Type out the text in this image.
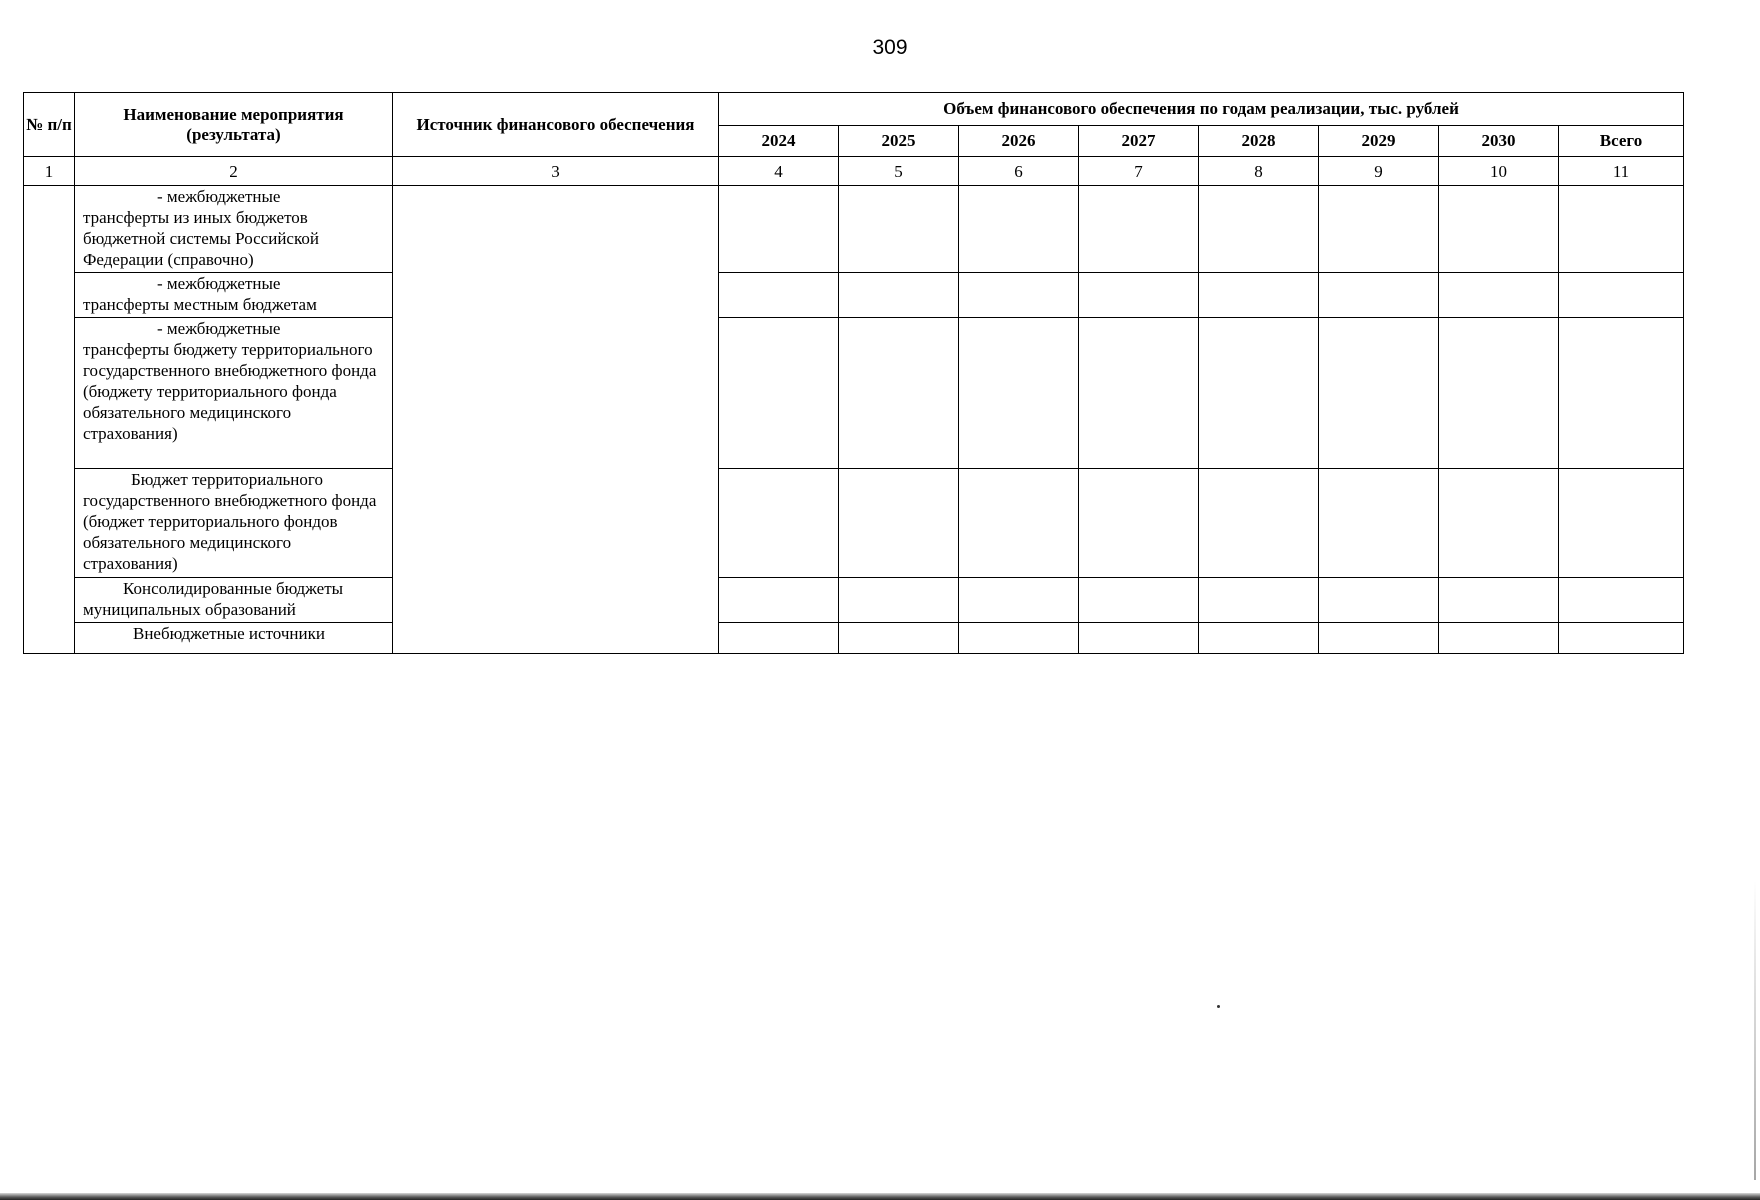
309
№ п/п	Наименование мероприятия (результата)	Источник финансового обеспечения	Объем финансового обеспечения по годам реализации, тыс. рублей							
			2024	2025	2026	2027	2028	2029	2030	Всего
1	2	3	4	5	6	7	8	9	10	11

	- межбюджетные
трансферты из иных бюджетов бюджетной системы Российской Федерации (справочно)									

	- межбюджетные
трансферты местным бюджетам									

	- межбюджетные
трансферты бюджету территориального государственного внебюджетного фонда (бюджету территориального фонда обязательного медицинского страхования)									

	Бюджет территориального
государственного внебюджетного фонда (бюджет территориального фондов обязательного медицинского страхования)									

	Консолидированные бюджеты
муниципальных образований									

	Внебюджетные источники									
